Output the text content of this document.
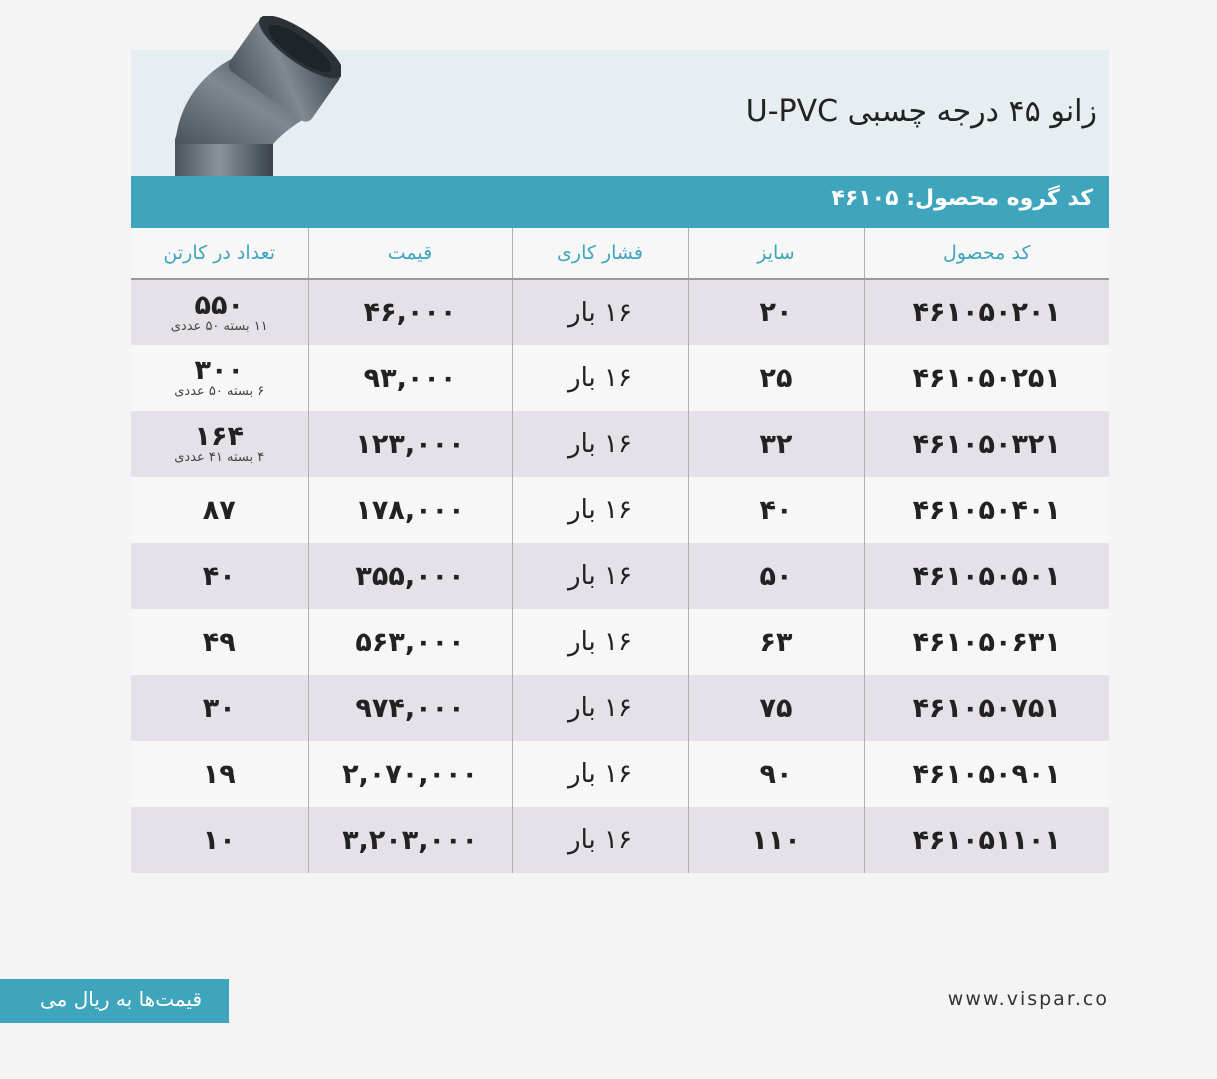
زانو ۴۵ درجه چسبی U-PVC
کد گروه محصول: ۴۶۱۰۵
کد محصول	سایز	فشار کاری	قیمت	تعداد در کارتن
۴۶۱۰۵۰۲۰۱	۲۰	۱۶ بار	۴۶,۰۰۰	۵۵۰
۱۱ بسته ۵۰ عددی

۴۶۱۰۵۰۲۵۱	۲۵	۱۶ بار	۹۳,۰۰۰	۳۰۰
۶ بسته ۵۰ عددی

۴۶۱۰۵۰۳۲۱	۳۲	۱۶ بار	۱۲۳,۰۰۰	۱۶۴
۴ بسته ۴۱ عددی

۴۶۱۰۵۰۴۰۱	۴۰	۱۶ بار	۱۷۸,۰۰۰	۸۷
۴۶۱۰۵۰۵۰۱	۵۰	۱۶ بار	۳۵۵,۰۰۰	۴۰
۴۶۱۰۵۰۶۳۱	۶۳	۱۶ بار	۵۶۳,۰۰۰	۴۹
۴۶۱۰۵۰۷۵۱	۷۵	۱۶ بار	۹۷۴,۰۰۰	۳۰
۴۶۱۰۵۰۹۰۱	۹۰	۱۶ بار	۲,۰۷۰,۰۰۰	۱۹
۴۶۱۰۵۱۱۰۱	۱۱۰	۱۶ بار	۳,۲۰۳,۰۰۰	۱۰
قیمت‌ها به ریال می	www.vispar.co
